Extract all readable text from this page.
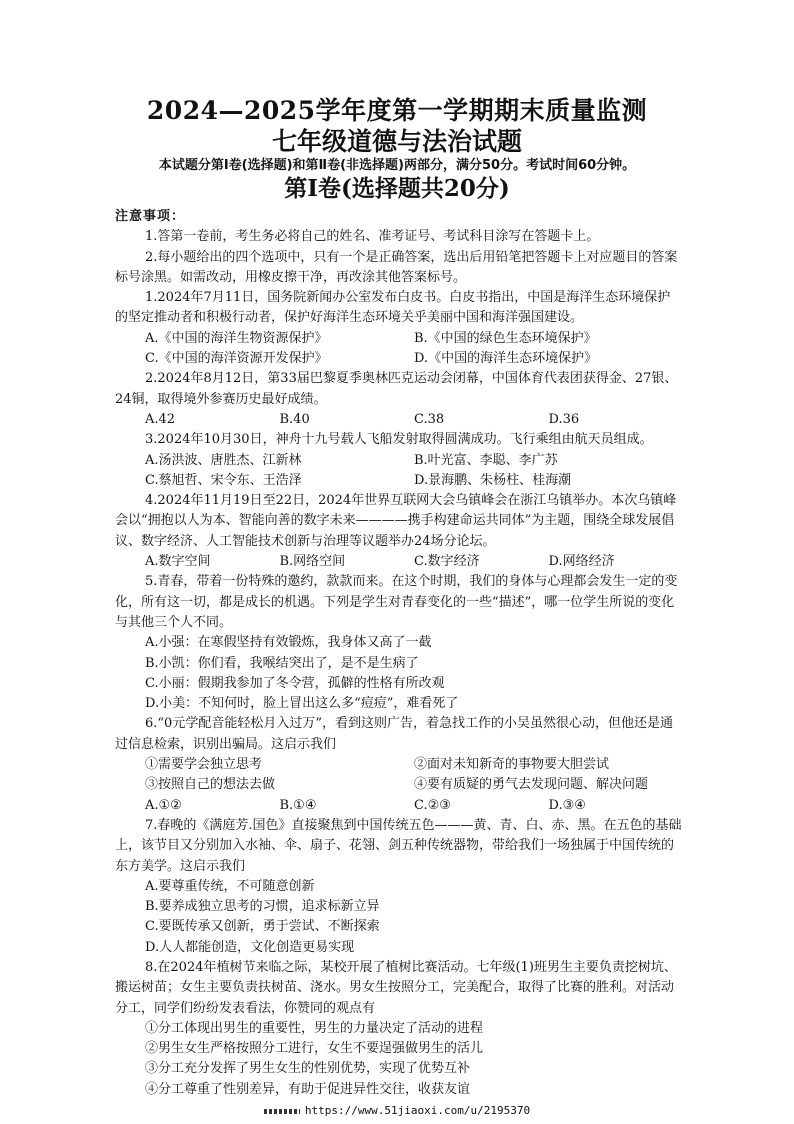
2024—2025学年度第一学期期末质量监测
七年级道德与法治试题
本试题分第Ⅰ卷(选择题)和第Ⅱ卷(非选择题)两部分，满分50分。考试时间60分钟。
第Ⅰ卷(选择题共20分)

注意事项：

1.答第一卷前，考生务必将自己的姓名、准考证号、考试科目涂写在答题卡上。

2.每小题给出的四个选项中，只有一个是正确答案，选出后用铅笔把答题卡上对应题目的答案标号涂黑。如需改动，用橡皮擦干净，再改涂其他答案标号。

1.2024年7月11日，国务院新闻办公室发布白皮书。白皮书指出，中国是海洋生态环境保护的坚定推动者和积极行动者，保护好海洋生态环境关乎美丽中国和海洋强国建设。

A.《中国的海洋生物资源保护》	B.《中国的绿色生态环境保护》
C.《中国的海洋资源开发保护》	D.《中国的海洋生态环境保护》

2.2024年8月12日，第33届巴黎夏季奥林匹克运动会闭幕，中国体育代表团获得金、27银、24铜，取得境外参赛历史最好成绩。

A.42	B.40	C.38	D.36

3.2024年10月30日，神舟十九号载人飞船发射取得圆满成功。飞行乘组由航天员组成。

A.汤洪波、唐胜杰、江新林	B.叶光富、李聪、李广苏
C.蔡旭哲、宋令东、王浩泽	D.景海鹏、朱杨柱、桂海潮

4.2024年11月19日至22日，2024年世界互联网大会乌镇峰会在浙江乌镇举办。本次乌镇峰会以“拥抱以人为本、智能向善的数字未来————携手构建命运共同体”为主题，围绕全球发展倡议、数字经济、人工智能技术创新与治理等议题举办24场分论坛。

A.数字空间	B.网络空间	C.数字经济	D.网络经济

5.青春，带着一份特殊的邀约，款款而来。在这个时期，我们的身体与心理都会发生一定的变化，所有这一切，都是成长的机遇。下列是学生对青春变化的一些“描述”，哪一位学生所说的变化与其他三个人不同。

A.小强：在寒假坚持有效锻炼，我身体又高了一截

B.小凯：你们看，我喉结突出了，是不是生病了

C.小丽：假期我参加了冬令营，孤僻的性格有所改观

D.小美：不知何时，脸上冒出这么多“痘痘”，难看死了

6.“0元学配音能轻松月入过万”，看到这则广告，着急找工作的小吴虽然很心动，但他还是通过信息检索，识别出骗局。这启示我们

①需要学会独立思考	②面对未知新奇的事物要大胆尝试
③按照自己的想法去做	④要有质疑的勇气去发现问题、解决问题
A.①②	B.①④	C.②③	D.③④

7.春晚的《满庭芳.国色》直接聚焦到中国传统五色———黄、青、白、赤、黑。在五色的基础上，该节目又分别加入水袖、伞、扇子、花翎、剑五种传统器物，带给我们一场独属于中国传统的东方美学。这启示我们

A.要尊重传统，不可随意创新

B.要养成独立思考的习惯，追求标新立异

C.要既传承又创新，勇于尝试、不断探索

D.人人都能创造，文化创造更易实现

8.在2024年植树节来临之际，某校开展了植树比赛活动。七年级(1)班男生主要负责挖树坑、搬运树苗；女生主要负责扶树苗、浇水。男女生按照分工，完美配合，取得了比赛的胜利。对活动分工，同学们纷纷发表看法，你赞同的观点有

①分工体现出男生的重要性，男生的力量决定了活动的进程

②男生女生严格按照分工进行，女生不要逞强做男生的活儿

③分工充分发挥了男生女生的性别优势，实现了优势互补

④分工尊重了性别差异，有助于促进异性交往，收获友谊

https://www.51jiaoxi.com/u/2195370
